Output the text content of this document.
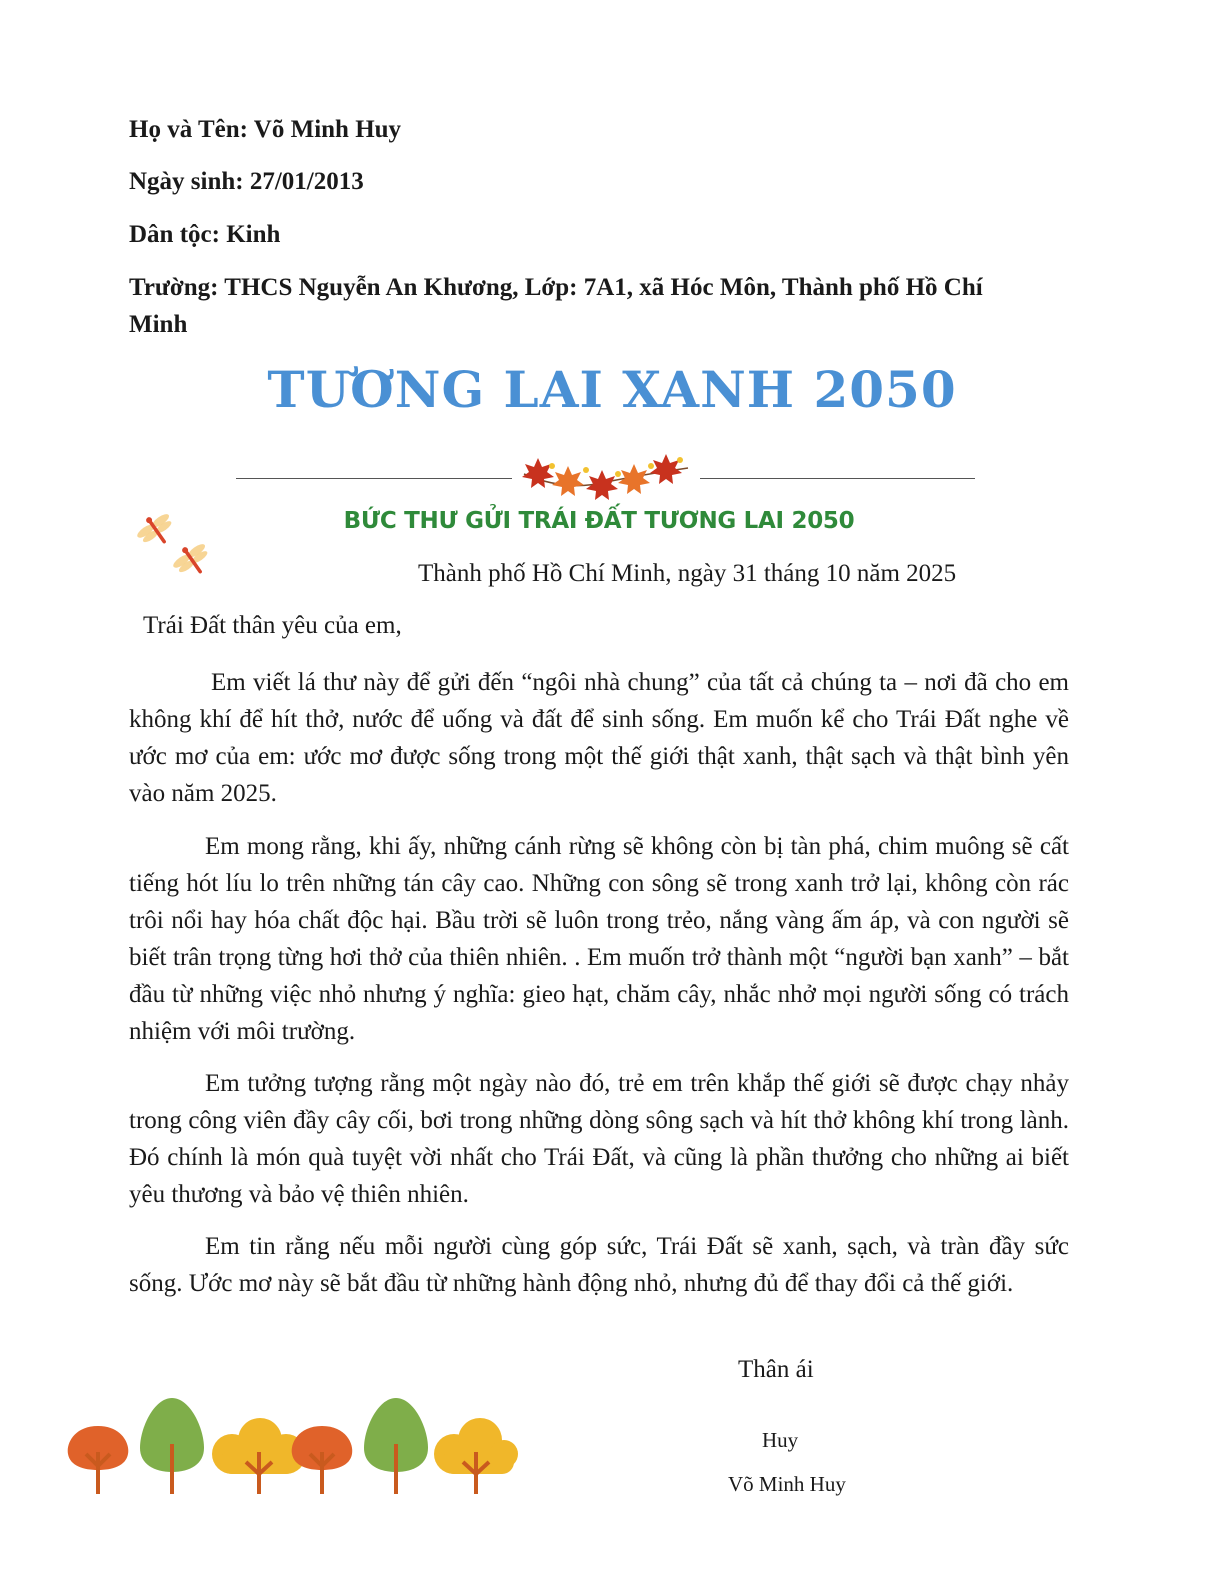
Họ và Tên: Võ Minh Huy
Ngày sinh: 27/01/2013
Dân tộc: Kinh
Trường: THCS Nguyễn An Khương, Lớp: 7A1, xã Hóc Môn, Thành phố Hồ Chí Minh
TƯƠNG LAI XANH 2050
BỨC THƯ GỬI TRÁI ĐẤT TƯƠNG LAI 2050
Thành phố Hồ Chí Minh, ngày 31 tháng 10 năm 2025
Trái Đất thân yêu của em,
Em viết lá thư này để gửi đến “ngôi nhà chung” của tất cả chúng ta – nơi đã cho em không khí để hít thở, nước để uống và đất để sinh sống. Em muốn kể cho Trái Đất nghe về ước mơ của em: ước mơ được sống trong một thế giới thật xanh, thật sạch và thật bình yên vào năm 2025.
Em mong rằng, khi ấy, những cánh rừng sẽ không còn bị tàn phá, chim muông sẽ cất tiếng hót líu lo trên những tán cây cao. Những con sông sẽ trong xanh trở lại, không còn rác trôi nổi hay hóa chất độc hại. Bầu trời sẽ luôn trong trẻo, nắng vàng ấm áp, và con người sẽ biết trân trọng từng hơi thở của thiên nhiên. . Em muốn trở thành một “người bạn xanh” – bắt đầu từ những việc nhỏ nhưng ý nghĩa: gieo hạt, chăm cây, nhắc nhở mọi người sống có trách nhiệm với môi trường.
Em tưởng tượng rằng một ngày nào đó, trẻ em trên khắp thế giới sẽ được chạy nhảy trong công viên đầy cây cối, bơi trong những dòng sông sạch và hít thở không khí trong lành. Đó chính là món quà tuyệt vời nhất cho Trái Đất, và cũng là phần thưởng cho những ai biết yêu thương và bảo vệ thiên nhiên.
Em tin rằng nếu mỗi người cùng góp sức, Trái Đất sẽ xanh, sạch, và tràn đầy sức sống. Ước mơ này sẽ bắt đầu từ những hành động nhỏ, nhưng đủ để thay đổi cả thế giới.
Thân ái
Huy
Võ Minh Huy
